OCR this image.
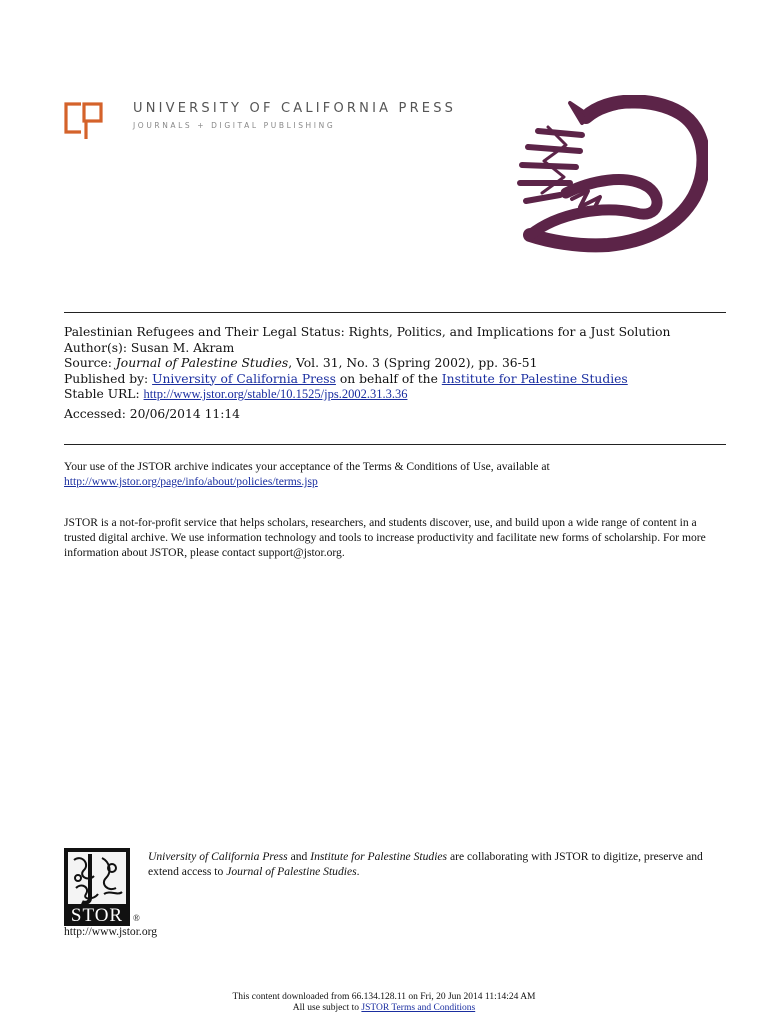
UNIVERSITY OF CALIFORNIA PRESS
JOURNALS + DIGITAL PUBLISHING
Palestinian Refugees and Their Legal Status: Rights, Politics, and Implications for a Just Solution
Author(s): Susan M. Akram
Source: Journal of Palestine Studies, Vol. 31, No. 3 (Spring 2002), pp. 36-51
Published by: University of California Press on behalf of the Institute for Palestine Studies
Stable URL: http://www.jstor.org/stable/10.1525/jps.2002.31.3.36
Accessed: 20/06/2014 11:14
Your use of the JSTOR archive indicates your acceptance of the Terms & Conditions of Use, available at
http://www.jstor.org/page/info/about/policies/terms.jsp
JSTOR is a not-for-profit service that helps scholars, researchers, and students discover, use, and build upon a wide range of content in a trusted digital archive. We use information technology and tools to increase productivity and facilitate new forms of scholarship. For more information about JSTOR, please contact support@jstor.org.
STOR ®
http://www.jstor.org
University of California Press and Institute for Palestine Studies are collaborating with JSTOR to digitize, preserve and extend access to Journal of Palestine Studies.
This content downloaded from 66.134.128.11 on Fri, 20 Jun 2014 11:14:24 AM
All use subject to JSTOR Terms and Conditions
